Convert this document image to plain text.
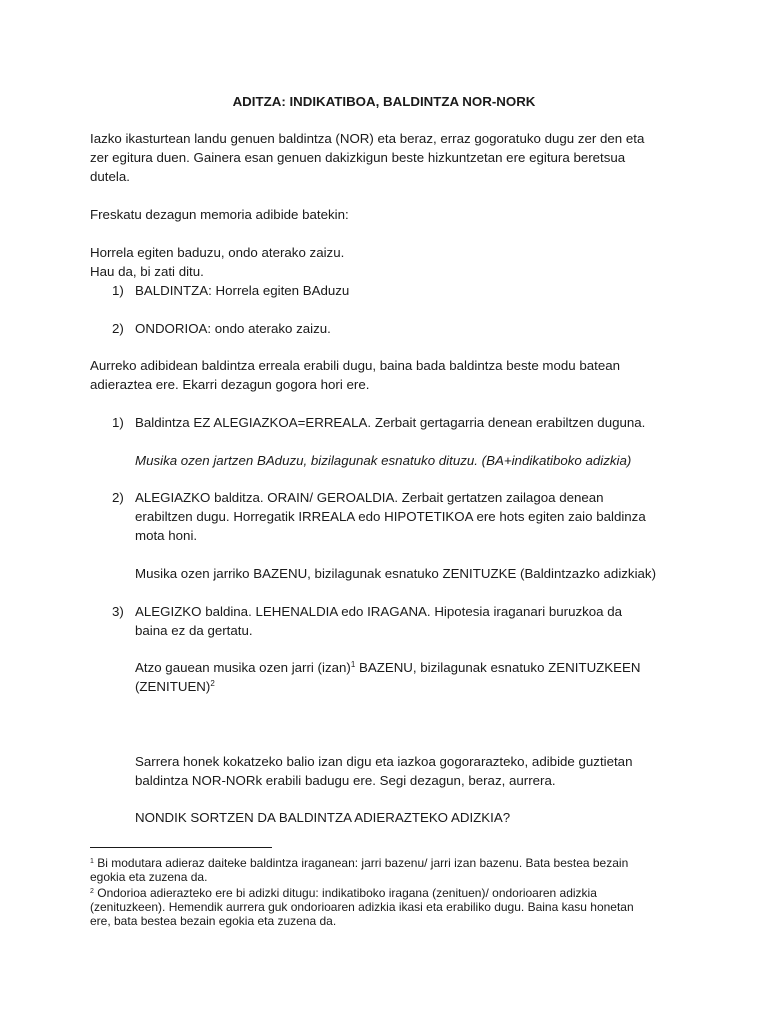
ADITZA: INDIKATIBOA, BALDINTZA NOR-NORK
Iazko ikasturtean landu genuen baldintza (NOR) eta beraz, erraz gogoratuko dugu zer den eta
zer egitura duen. Gainera esan genuen dakizkigun beste hizkuntzetan ere egitura beretsua
dutela.
Freskatu dezagun memoria adibide batekin:
Horrela egiten baduzu, ondo aterako zaizu.
Hau da, bi zati ditu.
1) BALDINTZA: Horrela egiten BAduzu
2) ONDORIOA: ondo aterako zaizu.
Aurreko adibidean baldintza erreala erabili dugu, baina bada baldintza beste modu batean
adieraztea ere. Ekarri dezagun gogora hori ere.
1) Baldintza EZ ALEGIAZKOA=ERREALA. Zerbait gertagarria denean erabiltzen duguna.
Musika ozen jartzen BAduzu, bizilagunak esnatuko dituzu. (BA+indikatiboko adizkia)
2) ALEGIAZKO balditza. ORAIN/ GEROALDIA. Zerbait gertatzen zailagoa denean
erabiltzen dugu. Horregatik IRREALA edo HIPOTETIKOA ere hots egiten zaio baldinza
mota honi.
Musika ozen jarriko BAZENU, bizilagunak esnatuko ZENITUZKE (Baldintzazko adizkiak)
3) ALEGIZKO baldina. LEHENALDIA edo IRAGANA. Hipotesia iraganari buruzkoa da
baina ez da gertatu.
Atzo gauean musika ozen jarri (izan)$^1$ BAZENU, bizilagunak esnatuko ZENITUZKEEN
(ZENITUEN)$^2$
Sarrera honek kokatzeko balio izan digu eta iazkoa gogorarazteko, adibide guztietan
baldintza NOR-NORk erabili badugu ere. Segi dezagun, beraz, aurrera.
NONDIK SORTZEN DA BALDINTZA ADIERAZTEKO ADIZKIA?
$^1$ Bi modutara adieraz daiteke baldintza iraganean: jarri bazenu/ jarri izan bazenu. Bata bestea bezain
egokia eta zuzena da.
$^2$ Ondorioa adierazteko ere bi adizki ditugu: indikatiboko iragana (zenituen)/ ondorioaren adizkia
(zenituzkeen). Hemendik aurrera guk ondorioaren adizkia ikasi eta erabiliko dugu. Baina kasu honetan
ere, bata bestea bezain egokia eta zuzena da.
